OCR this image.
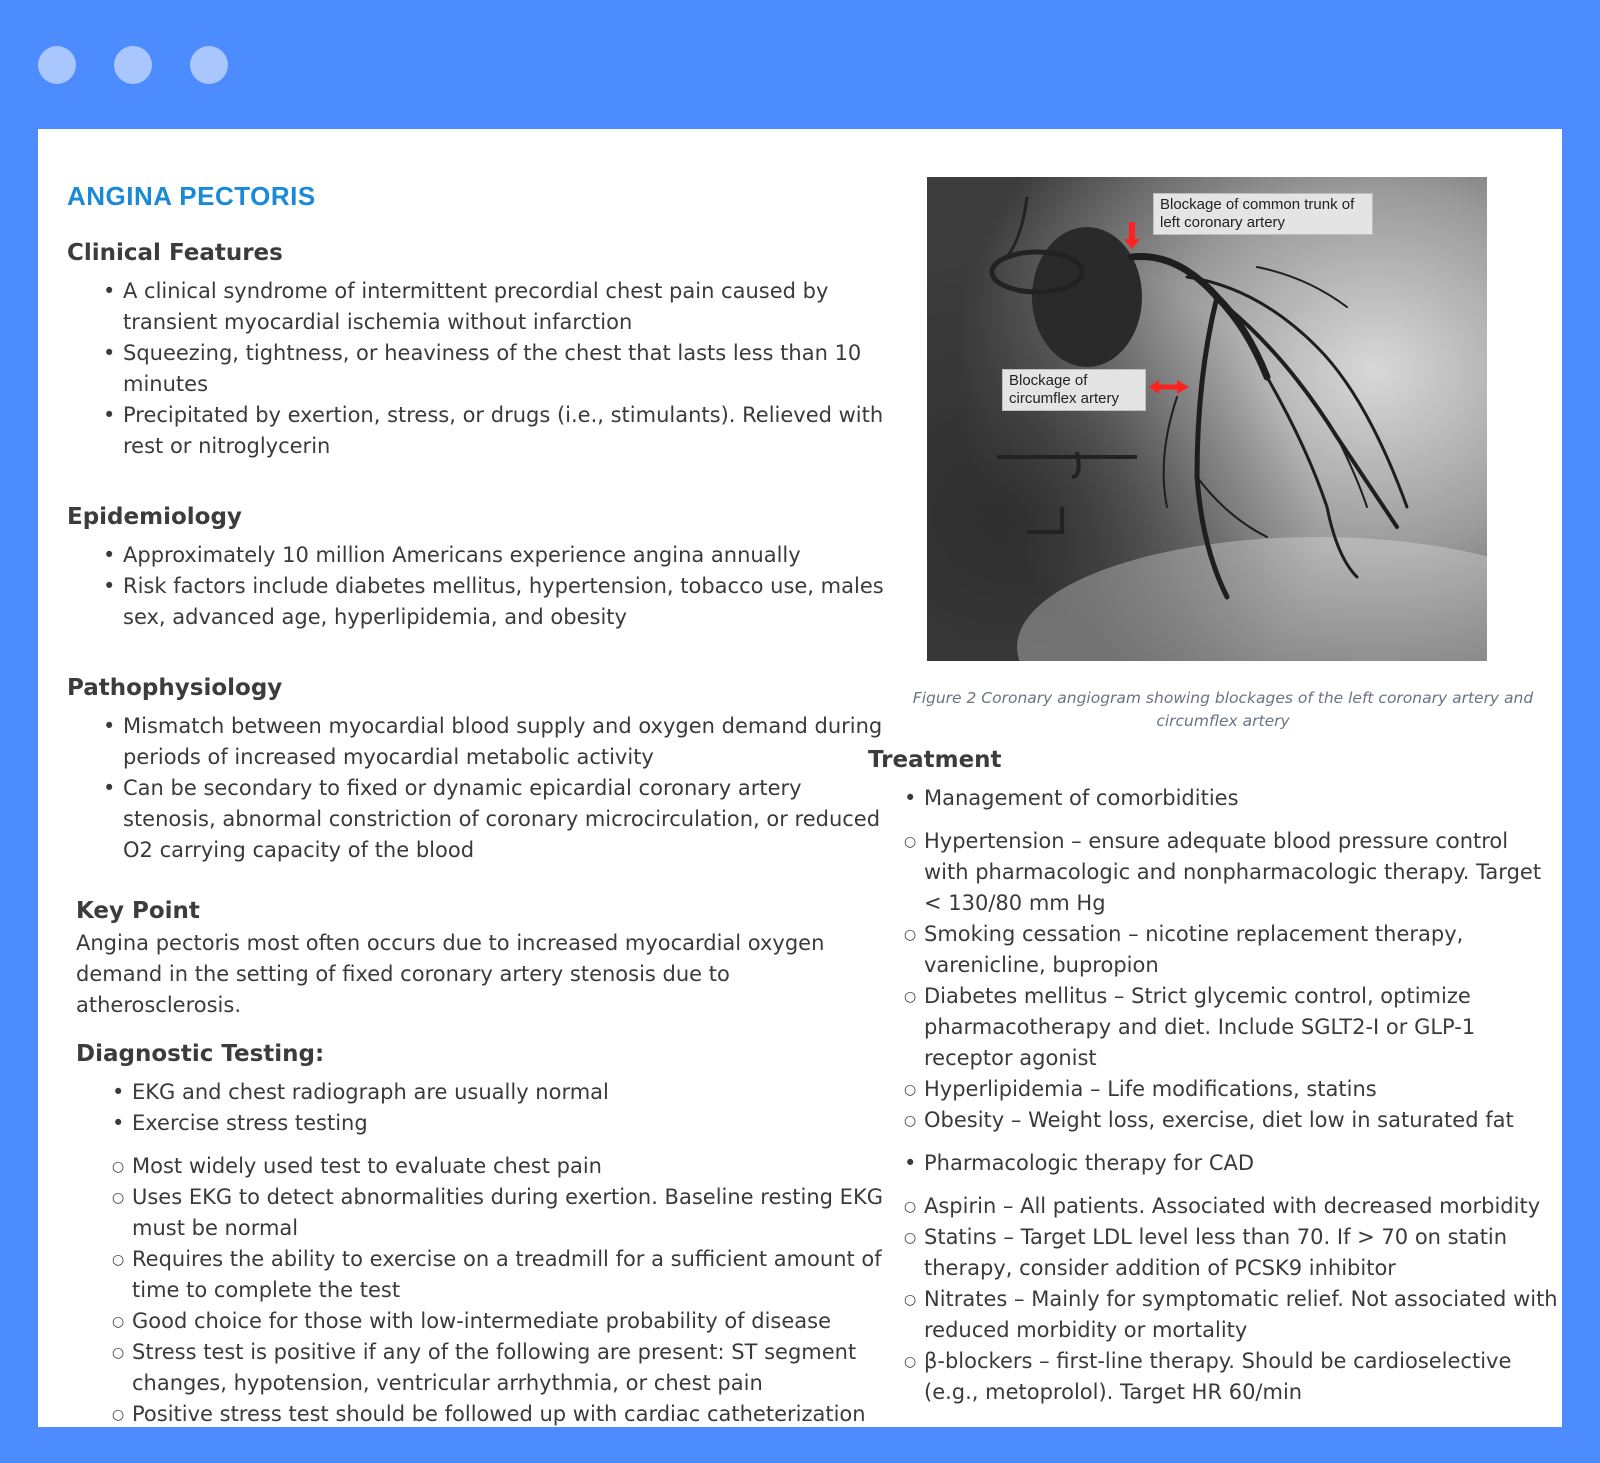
ANGINA PECTORIS
Clinical Features
• A clinical syndrome of intermittent precordial chest pain caused by transient myocardial ischemia without infarction
• Squeezing, tightness, or heaviness of the chest that lasts less than 10 minutes
• Precipitated by exertion, stress, or drugs (i.e., stimulants). Relieved with rest or nitroglycerin
Epidemiology
• Approximately 10 million Americans experience angina annually
• Risk factors include diabetes mellitus, hypertension, tobacco use, males sex, advanced age, hyperlipidemia, and obesity
Pathophysiology
• Mismatch between myocardial blood supply and oxygen demand during periods of increased myocardial metabolic activity
• Can be secondary to fixed or dynamic epicardial coronary artery stenosis, abnormal constriction of coronary microcirculation, or reduced O2 carrying capacity of the blood
Key Point

Angina pectoris most often occurs due to increased myocardial oxygen demand in the setting of fixed coronary artery stenosis due to atherosclerosis.

Diagnostic Testing:
• EKG and chest radiograph are usually normal
• Exercise stress testing
○ Most widely used test to evaluate chest pain
○ Uses EKG to detect abnormalities during exertion. Baseline resting EKG must be normal
○ Requires the ability to exercise on a treadmill for a sufficient amount of time to complete the test
○ Good choice for those with low-intermediate probability of disease
○ Stress test is positive if any of the following are present: ST segment changes, hypotension, ventricular arrhythmia, or chest pain
○ Positive stress test should be followed up with cardiac catheterization
Blockage of common trunk of left coronary artery
Blockage of circumflex artery
Figure 2 Coronary angiogram showing blockages of the left coronary artery and circumflex artery
Treatment
• Management of comorbidities
○ Hypertension – ensure adequate blood pressure control with pharmacologic and nonpharmacologic therapy. Target < 130/80 mm Hg
○ Smoking cessation – nicotine replacement therapy, varenicline, bupropion
○ Diabetes mellitus – Strict glycemic control, optimize pharmacotherapy and diet. Include SGLT2-I or GLP-1 receptor agonist
○ Hyperlipidemia – Life modifications, statins
○ Obesity – Weight loss, exercise, diet low in saturated fat
• Pharmacologic therapy for CAD
○ Aspirin – All patients. Associated with decreased morbidity
○ Statins – Target LDL level less than 70. If > 70 on statin therapy, consider addition of PCSK9 inhibitor
○ Nitrates – Mainly for symptomatic relief. Not associated with reduced morbidity or mortality
○ β-blockers – first-line therapy. Should be cardioselective (e.g., metoprolol). Target HR 60/min
